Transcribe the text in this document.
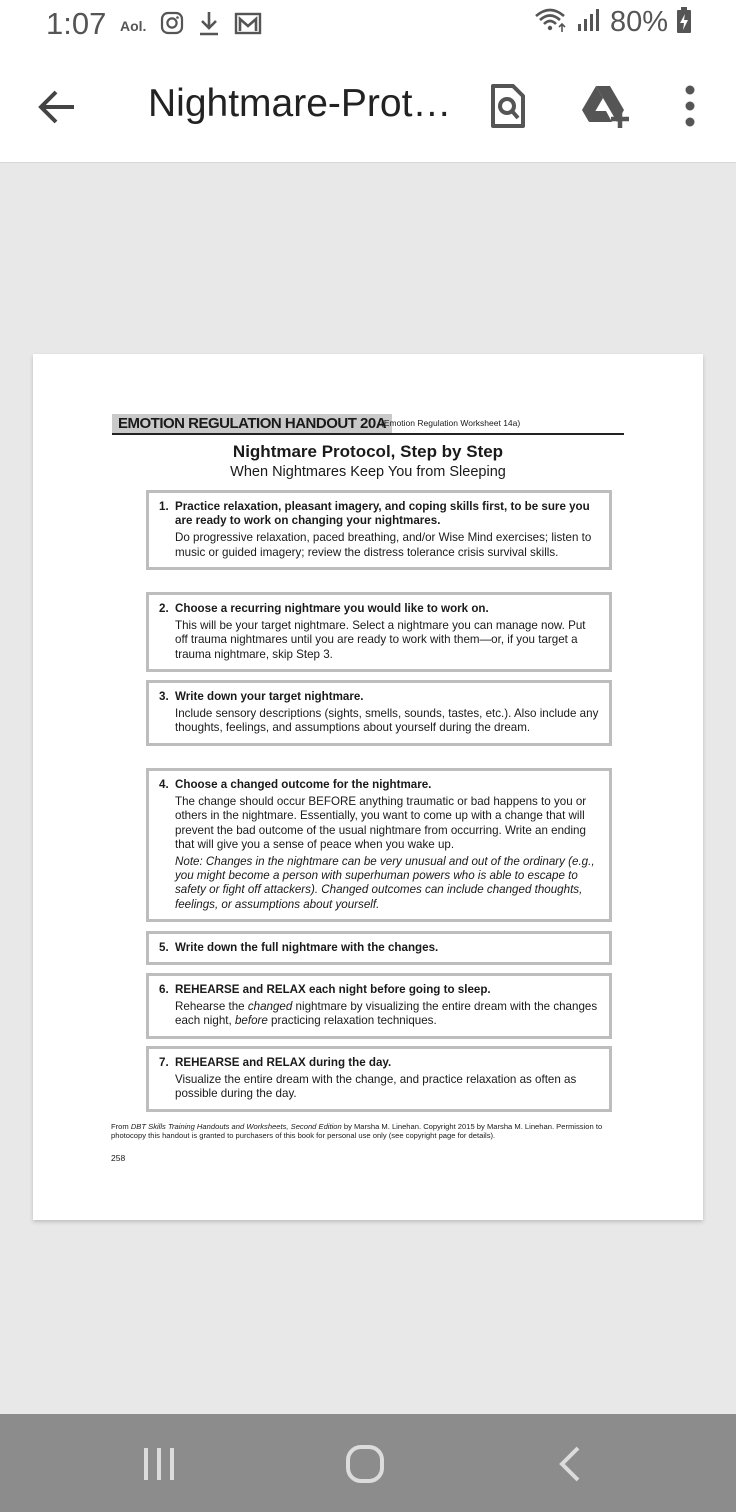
1:07 Aol.	80%
Nightmare-Prot…
EMOTION REGULATION HANDOUT 20A
(Emotion Regulation Worksheet 14a)
Nightmare Protocol, Step by Step
When Nightmares Keep You from Sleeping
1. Practice relaxation, pleasant imagery, and coping skills first, to be sure you are ready to work on changing your nightmares.
Do progressive relaxation, paced breathing, and/or Wise Mind exercises; listen to music or guided imagery; review the distress tolerance crisis survival skills.
2. Choose a recurring nightmare you would like to work on.
This will be your target nightmare. Select a nightmare you can manage now. Put off trauma nightmares until you are ready to work with them—or, if you target a trauma nightmare, skip Step 3.
3. Write down your target nightmare.
Include sensory descriptions (sights, smells, sounds, tastes, etc.). Also include any thoughts, feelings, and assumptions about yourself during the dream.
4. Choose a changed outcome for the nightmare.
The change should occur BEFORE anything traumatic or bad happens to you or others in the nightmare. Essentially, you want to come up with a change that will prevent the bad outcome of the usual nightmare from occurring. Write an ending that will give you a sense of peace when you wake up.
Note: Changes in the nightmare can be very unusual and out of the ordinary (e.g., you might become a person with superhuman powers who is able to escape to safety or fight off attackers). Changed outcomes can include changed thoughts, feelings, or assumptions about yourself.
5. Write down the full nightmare with the changes.
6. REHEARSE and RELAX each night before going to sleep.
Rehearse the changed nightmare by visualizing the entire dream with the changes each night, before practicing relaxation techniques.
7. REHEARSE and RELAX during the day.
Visualize the entire dream with the change, and practice relaxation as often as possible during the day.
From DBT Skills Training Handouts and Worksheets, Second Edition by Marsha M. Linehan. Copyright 2015 by Marsha M. Linehan. Permission to photocopy this handout is granted to purchasers of this book for personal use only (see copyright page for details).
258
